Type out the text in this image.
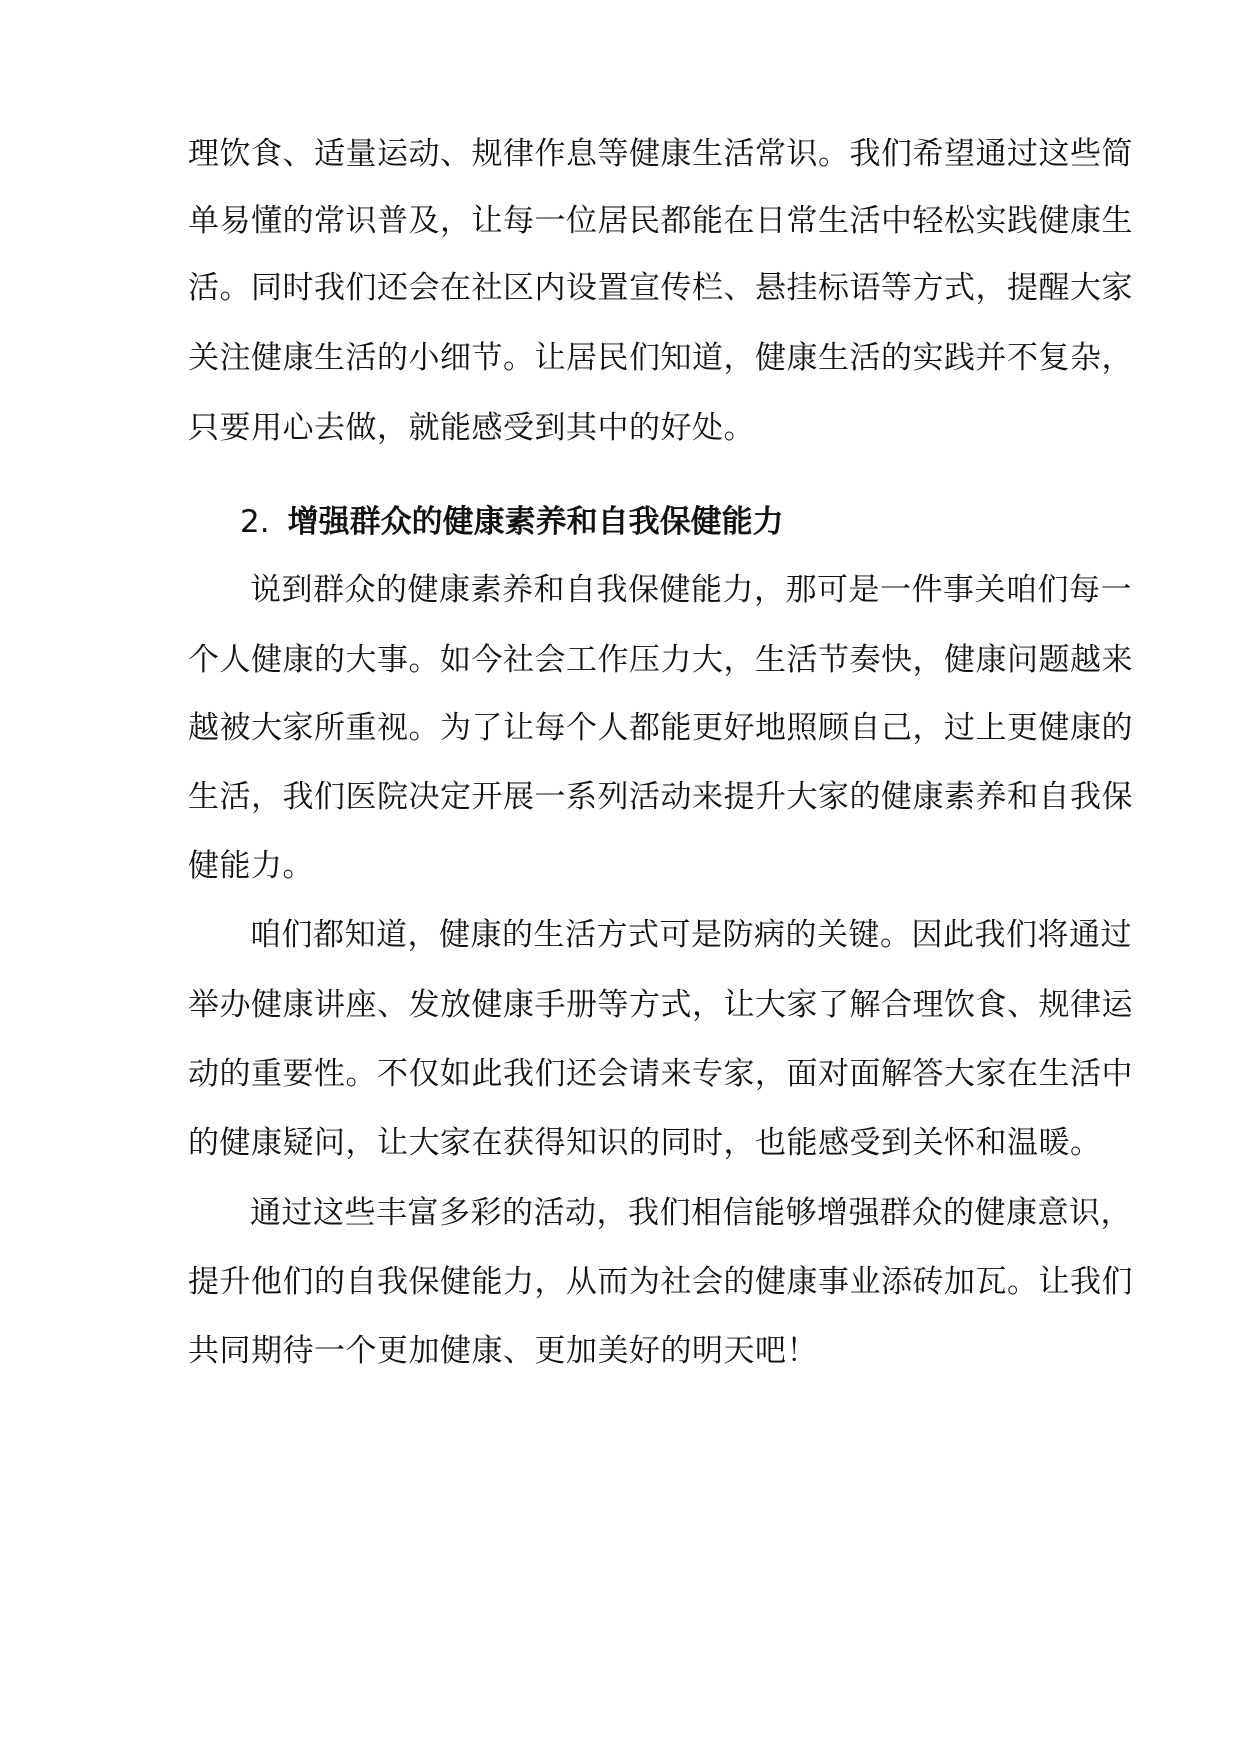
理饮食、适量运动、规律作息等健康生活常识。我们希望通过这些简
单易懂的常识普及，让每一位居民都能在日常生活中轻松实践健康生
活。同时我们还会在社区内设置宣传栏、悬挂标语等方式，提醒大家
关注健康生活的小细节。让居民们知道，健康生活的实践并不复杂，
只要用心去做，就能感受到其中的好处。
2. 增强群众的健康素养和自我保健能力
说到群众的健康素养和自我保健能力，那可是一件事关咱们每一
个人健康的大事。如今社会工作压力大，生活节奏快，健康问题越来
越被大家所重视。为了让每个人都能更好地照顾自己，过上更健康的
生活，我们医院决定开展一系列活动来提升大家的健康素养和自我保
健能力。
咱们都知道，健康的生活方式可是防病的关键。因此我们将通过
举办健康讲座、发放健康手册等方式，让大家了解合理饮食、规律运
动的重要性。不仅如此我们还会请来专家，面对面解答大家在生活中
的健康疑问，让大家在获得知识的同时，也能感受到关怀和温暖。
通过这些丰富多彩的活动，我们相信能够增强群众的健康意识，
提升他们的自我保健能力，从而为社会的健康事业添砖加瓦。让我们
共同期待一个更加健康、更加美好的明天吧！
